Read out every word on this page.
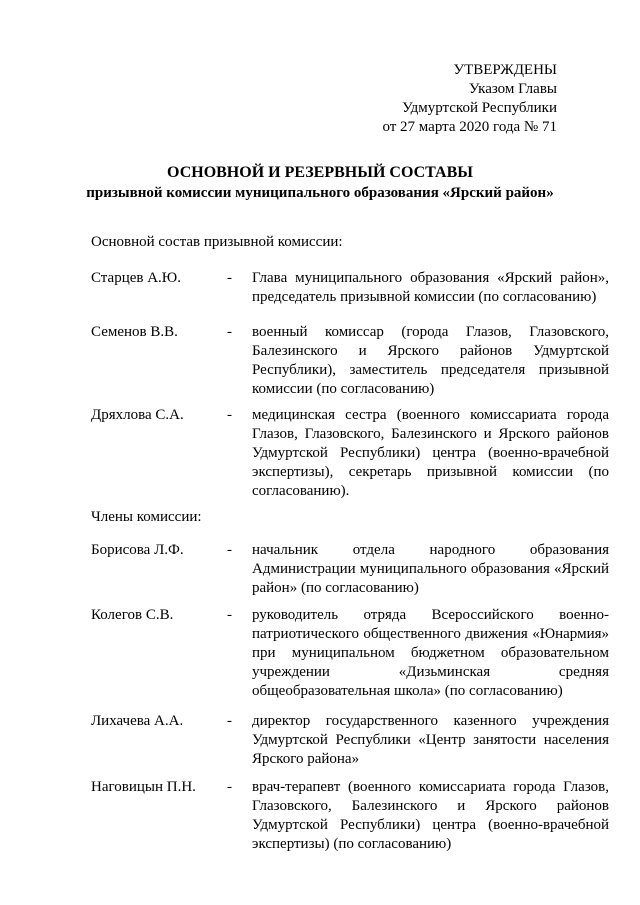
УТВЕРЖДЕНЫ
Указом Главы
Удмуртской Республики
от 27 марта 2020 года № 71
ОСНОВНОЙ И РЕЗЕРВНЫЙ СОСТАВЫ
призывной комиссии муниципального образования «Ярский район»
Основной состав призывной комиссии:
Старцев А.Ю.	- Глава муниципального образования «Ярский район», председатель призывной комиссии (по согласованию)
Семенов В.В.	- военный комиссар (города Глазов, Глазовского, Балезинского и Ярского районов Удмуртской Республики), заместитель председателя призывной комиссии (по согласованию)
Дряхлова С.А.	- медицинская сестра (военного комиссариата города Глазов, Глазовского, Балезинского и Ярского районов Удмуртской Республики) центра (военно-врачебной экспертизы), секретарь призывной комиссии (по согласованию).
Члены комиссии:
Борисова Л.Ф.	- начальник отдела народного образования Администрации муниципального образования «Ярский район» (по согласованию)
Колегов С.В.	- руководитель отряда Всероссийского военно-патриотического общественного движения «Юнармия» при муниципальном бюджетном образовательном учреждении «Дизьминская средняя общеобразовательная школа» (по согласованию)
Лихачева А.А.	- директор государственного казенного учреждения Удмуртской Республики «Центр занятости населения Ярского района»
Наговицын П.Н. - врач-терапевт (военного комиссариата города Глазов, Глазовского, Балезинского и Ярского районов Удмуртской Республики) центра (военно-врачебной экспертизы) (по согласованию)
